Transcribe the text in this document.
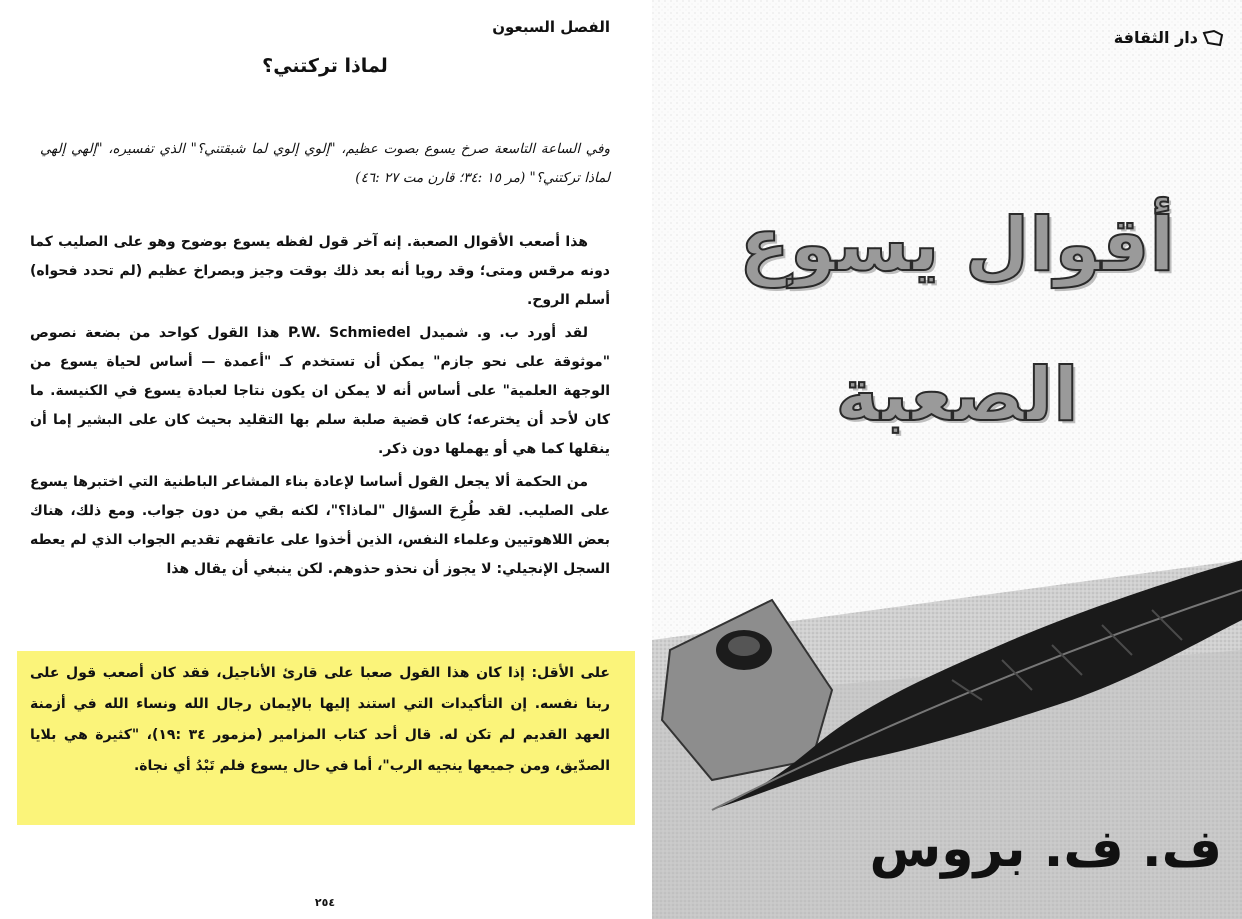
الفصل السبعون
لماذا تركتني؟
وفي الساعة التاسعة صرخ يسوع بصوت عظيم، "إلوي إلوي لما شبقتني؟" الذي تفسيره، "إلهي إلهي لماذا تركتني؟" (مر ١٥ :٣٤؛ قارن مت ٢٧ :٤٦)

هذا أصعب الأقوال الصعبة. إنه آخر قول لفظه يسوع بوضوح وهو على الصليب كما دونه مرقس ومتى؛ وقد رويا أنه بعد ذلك بوقت وجيز وبصراخ عظيم (لم تحدد فحواه) أسلم الروح.

لقد أورد ب. و. شميدل P.W. Schmiedel هذا القول كواحد من بضعة نصوص "موثوقة على نحو جازم" يمكن أن تستخدم كـ "أعمدة — أساس لحياة يسوع من الوجهة العلمية" على أساس أنه لا يمكن ان يكون نتاجا لعبادة يسوع في الكنيسة. ما كان لأحد أن يخترعه؛ كان قضية صلبة سلم بها التقليد بحيث كان على البشير إما أن ينقلها كما هي أو يهملها دون ذكر.

من الحكمة ألا يجعل القول أساسا لإعادة بناء المشاعر الباطنية التي اختبرها يسوع على الصليب. لقد طُرِحَ السؤال "لماذا؟"، لكنه بقي من دون جواب. ومع ذلك، هناك بعض اللاهوتيين وعلماء النفس، الذين أخذوا على عاتقهم تقديم الجواب الذي لم يعطه السجل الإنجيلي: لا يجوز أن نحذو حذوهم. لكن ينبغي أن يقال هذا

على الأقل: إذا كان هذا القول صعبا على قارئ الأناجيل، فقد كان أصعب قول على ربنا نفسه. إن التأكيدات التي استند إليها بالإيمان رجال الله ونساء الله في أزمنة العهد القديم لم تكن له. قال أحد كتاب المزامير (مزمور ٣٤ :١٩)، "كثيرة هي بلايا الصدّيق، ومن جميعها ينجيه الرب"، أما في حال يسوع فلم تَبْدُ أي نجاة.
٢٥٤
دار الثقافة
أقوال يسوع
الصعبة
ف. ف. بروس
